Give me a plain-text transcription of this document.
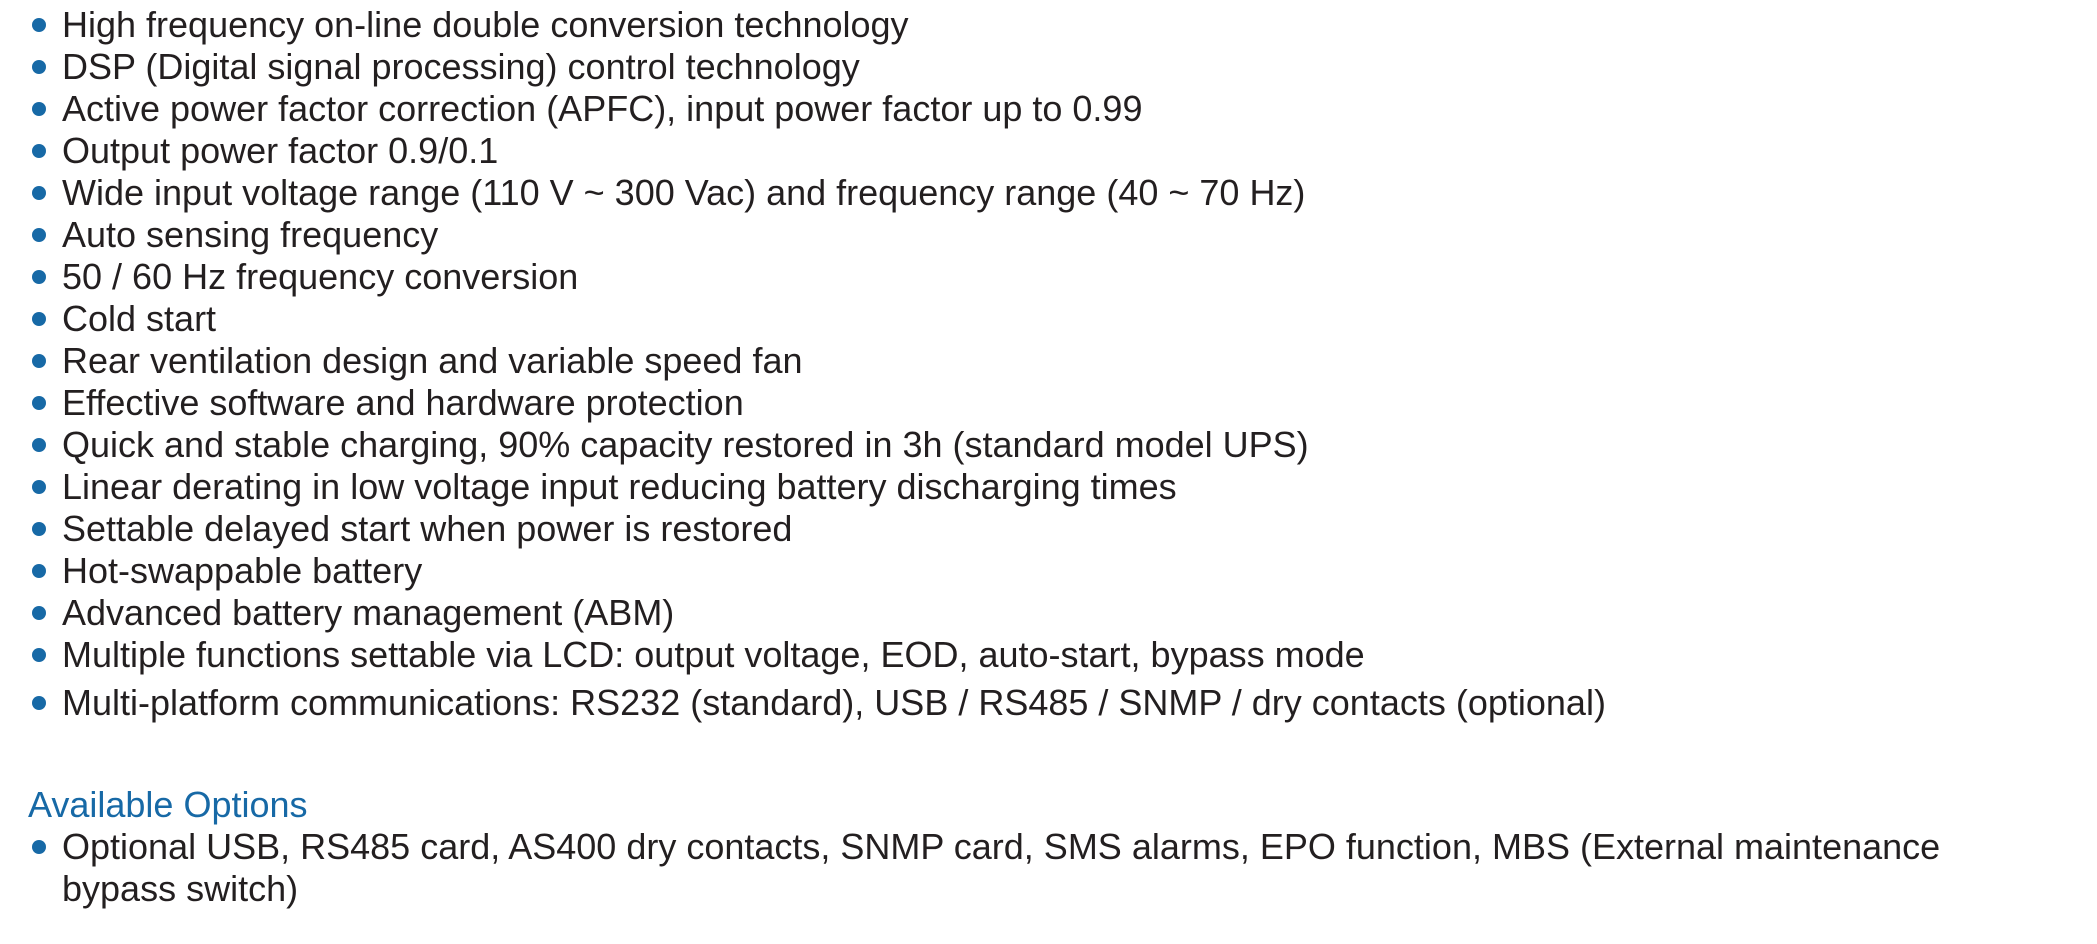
High frequency on-line double conversion technology
DSP (Digital signal processing) control technology
Active power factor correction (APFC), input power factor up to 0.99
Output power factor 0.9/0.1
Wide input voltage range (110 V ~ 300 Vac) and frequency range (40 ~ 70 Hz)
Auto sensing frequency
50 / 60 Hz frequency conversion
Cold start
Rear ventilation design and variable speed fan
Effective software and hardware protection
Quick and stable charging, 90% capacity restored in 3h (standard model UPS)
Linear derating in low voltage input reducing battery discharging times
Settable delayed start when power is restored
Hot-swappable battery
Advanced battery management (ABM)
Multiple functions settable via LCD: output voltage, EOD, auto-start, bypass mode
Multi-platform communications: RS232 (standard), USB / RS485 / SNMP / dry contacts (optional)
Available Options
Optional USB, RS485 card, AS400 dry contacts, SNMP card, SMS alarms, EPO function, MBS (External maintenance bypass switch)
